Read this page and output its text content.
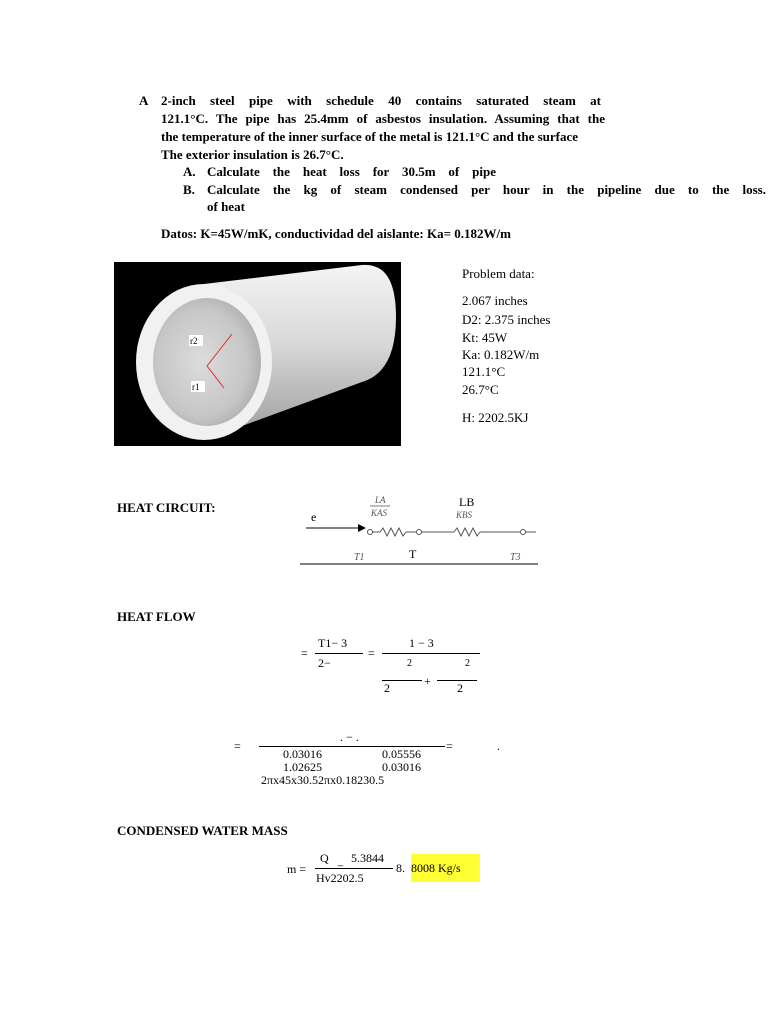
A 2-inch steel pipe with schedule 40 contains saturated steam at
121.1°C. The pipe has 25.4mm of asbestos insulation. Assuming that the
the temperature of the inner surface of the metal is 121.1°C and the surface
The exterior insulation is 26.7°C.
A. Calculate the heat loss for 30.5m of pipe
B. Calculate the kg of steam condensed per hour in the pipeline due to the loss.
of heat
Datos: K=45W/mK, conductividad del aislante: Ka= 0.182W/m
r2
r1
Problem data:
2.067 inches
D2: 2.375 inches
Kt: 45W
Ka: 0.182W/m
121.1°C
26.7°C
H: 2202.5KJ
HEAT CIRCUIT:
e
LA
KAS
LB
KBS
T1	T	T3
HEAT FLOW
=
T1− 3
2−
=
1 − 3
2	2
+
2	2
=
. − .
0.03016	0.05556
1.02625	0.03016
=
2πx45x30.52πx0.18230.5
.
CONDENSED WATER MASS
m =
Q 5.3844
=
Hv2202.5
8. 8008 Kg/s
